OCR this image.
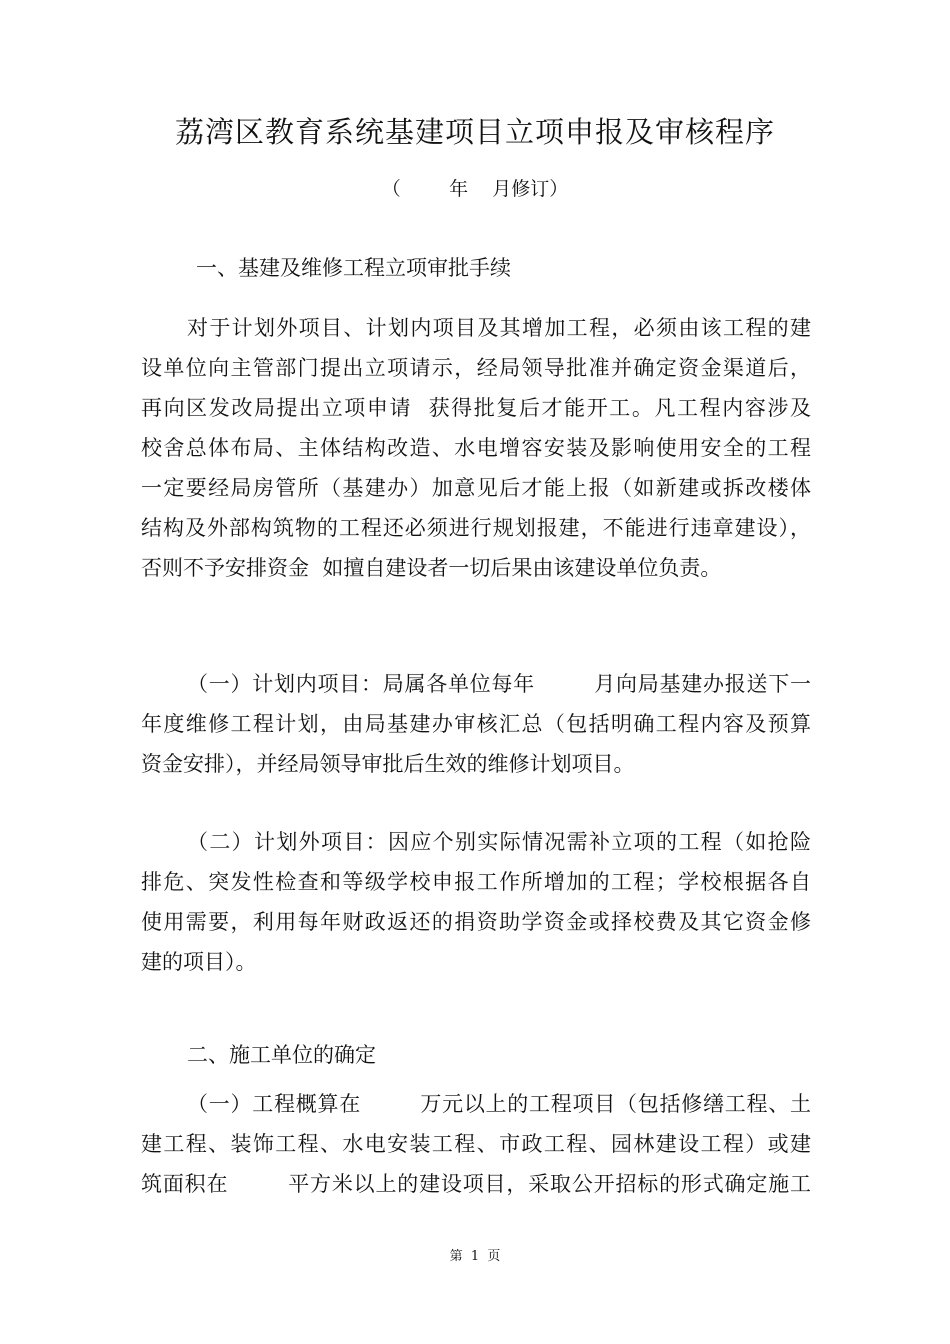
荔湾区教育系统基建项目立项申报及审核程序
（        年    月修订）
一、基建及维修工程立项审批手续
对于计划外项目、计划内项目及其增加工程，必须由该工程的建
设单位向主管部门提出立项请示，经局领导批准并确定资金渠道后，
再向区发改局提出立项申请  获得批复后才能开工。凡工程内容涉及
校舍总体布局、主体结构改造、水电增容安装及影响使用安全的工程
一定要经局房管所（基建办）加意见后才能上报（如新建或拆改楼体
结构及外部构筑物的工程还必须进行规划报建，不能进行违章建设），
否则不予安排资金  如擅自建设者一切后果由该建设单位负责。
（一）计划内项目：局属各单位每年        月向局基建办报送下一
年度维修工程计划，由局基建办审核汇总（包括明确工程内容及预算
资金安排），并经局领导审批后生效的维修计划项目。
（二）计划外项目：因应个别实际情况需补立项的工程（如抢险
排危、突发性检查和等级学校申报工作所增加的工程；学校根据各自
使用需要，利用每年财政返还的捐资助学资金或择校费及其它资金修
建的项目）。
二、施工单位的确定
（一）工程概算在        万元以上的工程项目（包括修缮工程、土
建工程、装饰工程、水电安装工程、市政工程、园林建设工程）或建
筑面积在        平方米以上的建设项目，采取公开招标的形式确定施工
第  1  页
